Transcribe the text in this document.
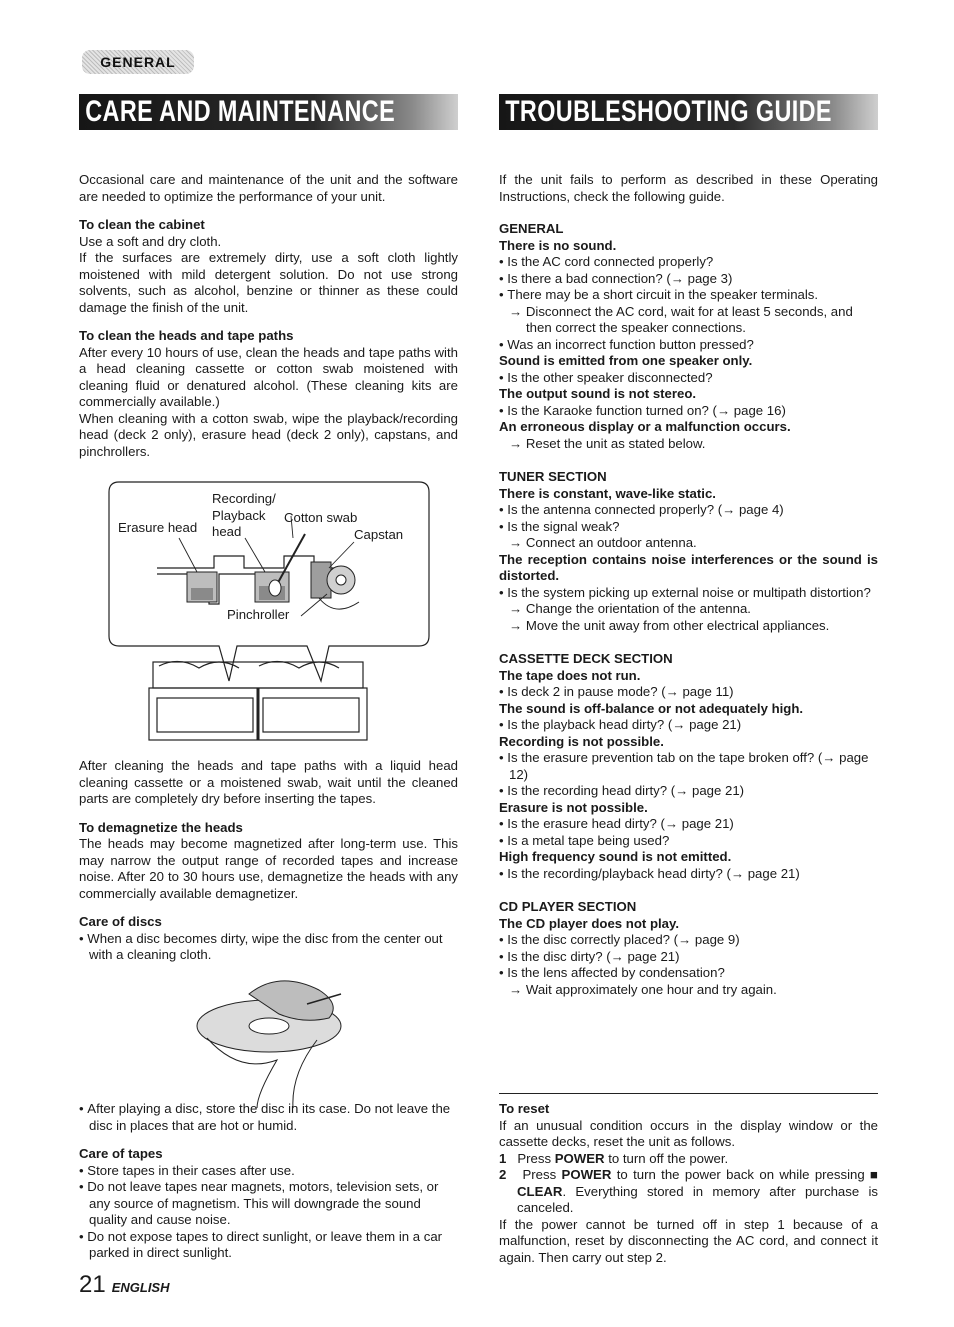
GENERAL
CARE AND MAINTENANCE	TROUBLESHOOTING GUIDE

Occasional care and maintenance of the unit and the software are needed to optimize the performance of your unit.

To clean the cabinet

Use a soft and dry cloth.

If the surfaces are extremely dirty, use a soft cloth lightly moistened with mild detergent solution. Do not use strong solvents, such as alcohol, benzine or thinner as these could damage the finish of the unit.

To clean the heads and tape paths

After every 10 hours of use, clean the heads and tape paths with a head cleaning cassette or cotton swab moistened with cleaning fluid or denatured alcohol. (These cleaning kits are commercially available.)

When cleaning with a cotton swab, wipe the playback/recording head (deck 2 only), erasure head (deck 2 only), capstans, and pinchrollers.

Recording/
Playback Cotton swab
Erasure head head	Capstan
Pinchroller

After cleaning the heads and tape paths with a liquid head cleaning cassette or a moistened swab, wait until the cleaned parts are completely dry before inserting the tapes.

To demagnetize the heads

The heads may become magnetized after long-term use. This may narrow the output range of recorded tapes and increase noise. After 20 to 30 hours use, demagnetize the heads with any commercially available demagnetizer.

Care of discs

• When a disc becomes dirty, wipe the disc from the center out with a cleaning cloth.
• After playing a disc, store the disc in its case. Do not leave the disc in places that are hot or humid.

Care of tapes

• Store tapes in their cases after use.
• Do not leave tapes near magnets, motors, television sets, or any source of magnetism. This will downgrade the sound quality and cause noise.
• Do not expose tapes to direct sunlight, or leave them in a car parked in direct sunlight.

If the unit fails to perform as described in these Operating Instructions, check the following guide.

GENERAL

There is no sound.

• Is the AC cord connected properly?
• Is there a bad connection? (→ page 3)
• There may be a short circuit in the speaker terminals.
→ Disconnect the AC cord, wait for at least 5 seconds, and then correct the speaker connections.
• Was an incorrect function button pressed?

Sound is emitted from one speaker only.

• Is the other speaker disconnected?

The output sound is not stereo.

• Is the Karaoke function turned on? (→ page 16)

An erroneous display or a malfunction occurs.

→ Reset the unit as stated below.

TUNER SECTION

There is constant, wave-like static.

• Is the antenna connected properly? (→ page 4)
• Is the signal weak?
→ Connect an outdoor antenna.

The reception contains noise interferences or the sound is distorted.

• Is the system picking up external noise or multipath distortion?
→ Change the orientation of the antenna.
→ Move the unit away from other electrical appliances.

CASSETTE DECK SECTION

The tape does not run.

• Is deck 2 in pause mode? (→ page 11)

The sound is off-balance or not adequately high.

• Is the playback head dirty? (→ page 21)

Recording is not possible.

• Is the erasure prevention tab on the tape broken off? (→ page 12)
• Is the recording head dirty? (→ page 21)

Erasure is not possible.

• Is the erasure head dirty? (→ page 21)
• Is a metal tape being used?

High frequency sound is not emitted.

• Is the recording/playback head dirty? (→ page 21)

CD PLAYER SECTION

The CD player does not play.

• Is the disc correctly placed? (→ page 9)
• Is the disc dirty? (→ page 21)
• Is the lens affected by condensation?
→ Wait approximately one hour and try again.

To reset

If an unusual condition occurs in the display window or the cassette decks, reset the unit as follows.

1 Press POWER to turn off the power.
2 Press POWER to turn the power back on while pressing ■ CLEAR. Everything stored in memory after purchase is canceled.

If the power cannot be turned off in step 1 because of a malfunction, reset by disconnecting the AC cord, and connect it again. Then carry out step 2.

21 ENGLISH
